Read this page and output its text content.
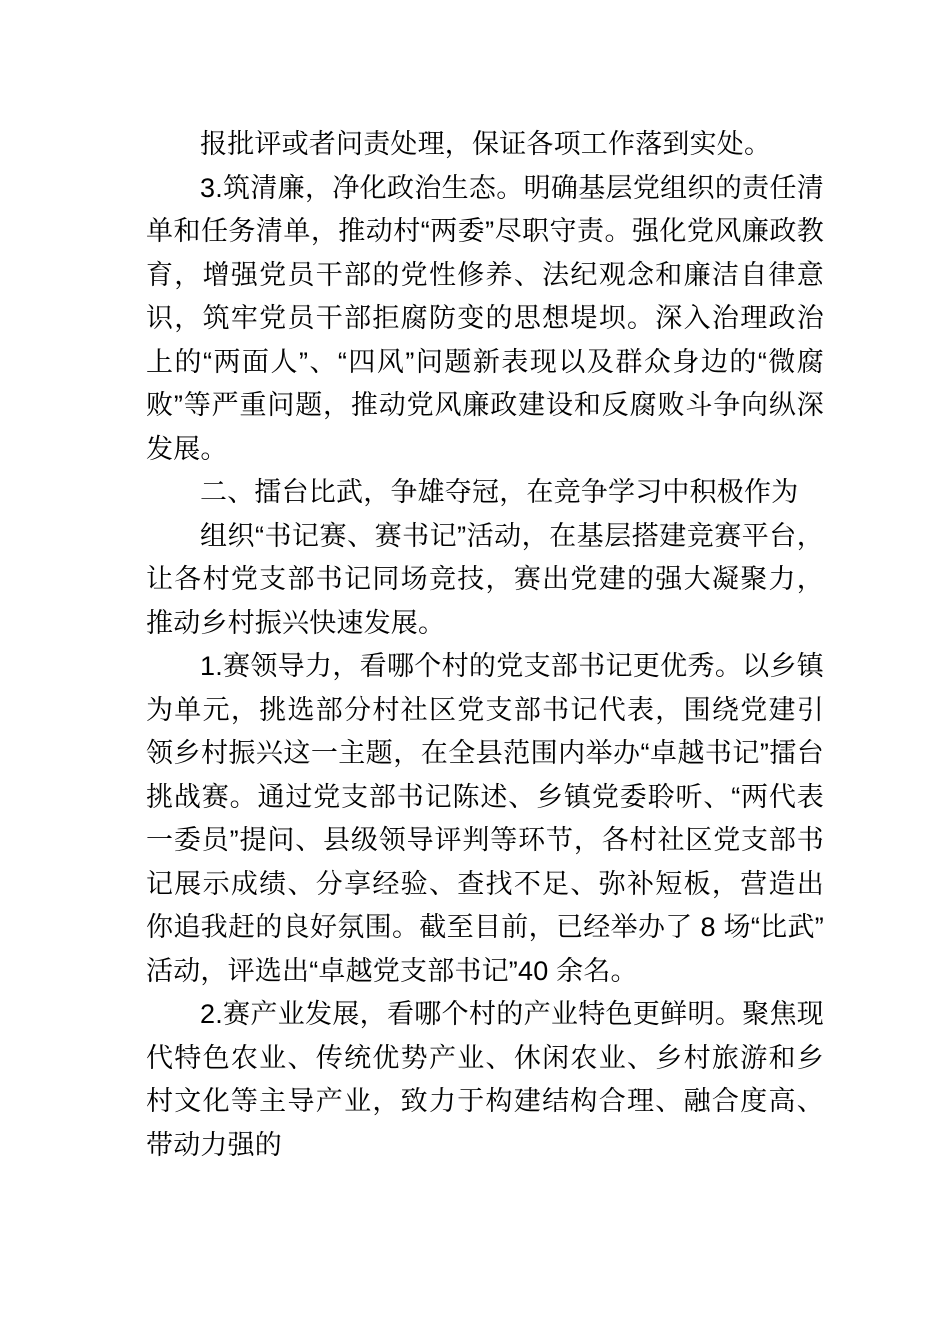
报批评或者问责处理，保证各项工作落到实处。

3.筑清廉，净化政治生态。明确基层党组织的责任清单和任务清单，推动村“两委”尽职守责。强化党风廉政教育，增强党员干部的党性修养、法纪观念和廉洁自律意识，筑牢党员干部拒腐防变的思想堤坝。深入治理政治上的“两面人”、“四风”问题新表现以及群众身边的“微腐败”等严重问题，推动党风廉政建设和反腐败斗争向纵深发展。

二、擂台比武，争雄夺冠，在竞争学习中积极作为

组织“书记赛、赛书记”活动，在基层搭建竞赛平台，让各村党支部书记同场竞技，赛出党建的强大凝聚力，推动乡村振兴快速发展。

1.赛领导力，看哪个村的党支部书记更优秀。以乡镇为单元，挑选部分村社区党支部书记代表，围绕党建引领乡村振兴这一主题，在全县范围内举办“卓越书记”擂台挑战赛。通过党支部书记陈述、乡镇党委聆听、“两代表一委员”提问、县级领导评判等环节，各村社区党支部书记展示成绩、分享经验、查找不足、弥补短板，营造出你追我赶的良好氛围。截至目前，已经举办了 8 场“比武”活动，评选出“卓越党支部书记”40 余名。

2.赛产业发展，看哪个村的产业特色更鲜明。聚焦现代特色农业、传统优势产业、休闲农业、乡村旅游和乡村文化等主导产业，致力于构建结构合理、融合度高、带动力强的
